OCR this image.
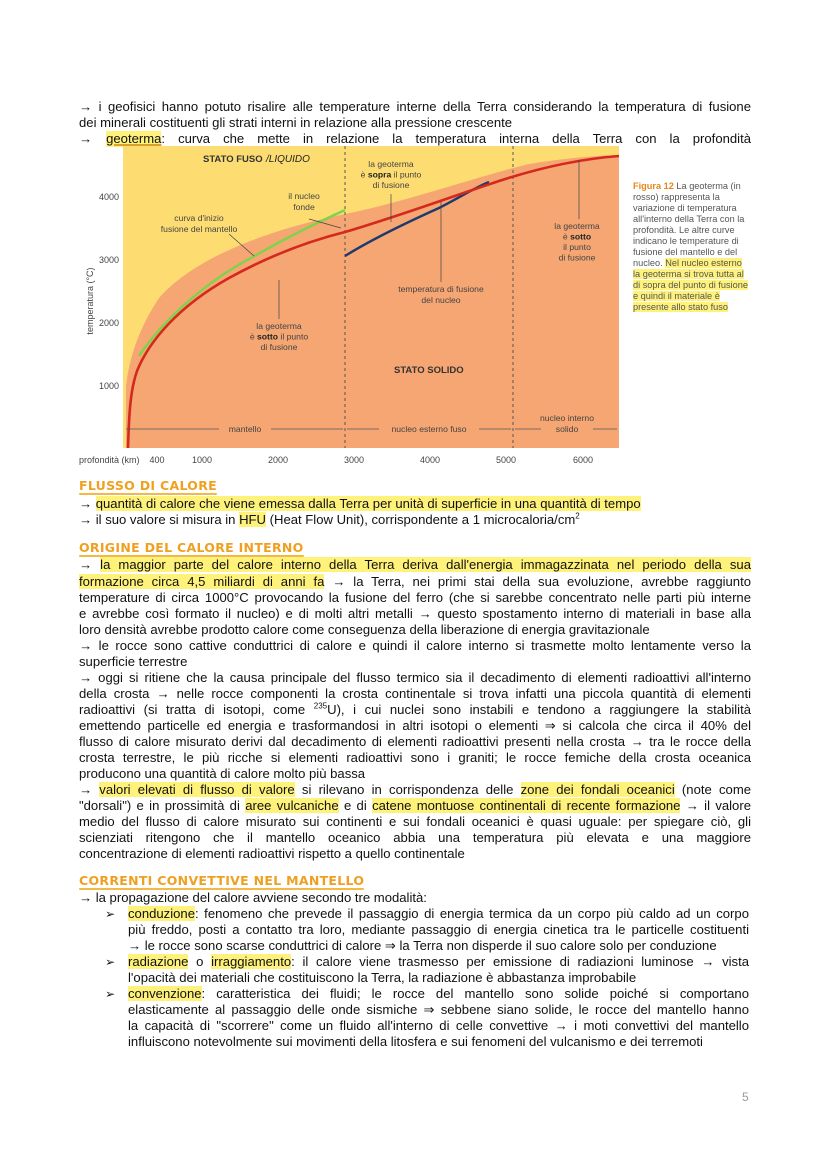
→ i geofisici hanno potuto risalire alle temperature interne della Terra considerando la temperatura di fusione
dei minerali costituenti gli strati interni in relazione alla pressione crescente
→ geoterma : curva che mette in relazione la temperatura interna della Terra con la profondità
4000
3000
2000
1000
temperatura (°C)
profondità (km) 400	1000	2000	3000	4000	5000	6000
STATO FUSO /LIQUIDO
STATO SOLIDO
il nucleo fonde
curva d'inizio fusione del mantello
la geoterma è sopra il punto di fusione
la geoterma è sotto il punto di fusione
temperatura di fusione del nucleo
la geoterma è sotto il punto di fusione
mantello	nucleo esterno fuso
nucleo interno solido
Figura 12 La geoterma (in rosso) rappresenta la variazione di temperatura all'interno della Terra con la profondità. Le altre curve indicano le temperature di fusione del mantello e del nucleo. Nel nucleo esterno la geoterma si trova tutta al di sopra del punto di fusione e quindi il materiale è presente allo stato fuso
FLUSSO DI CALORE
→ quantità di calore che viene emessa dalla Terra per unità di superficie in una quantità di tempo
→ il suo valore si misura in HFU (Heat Flow Unit), corrispondente a 1 microcaloria/$cm^2$
ORIGINE DEL CALORE INTERNO
→ la maggior parte del calore interno della Terra deriva dall'energia immagazzinata nel periodo della sua
formazione circa 4,5 miliardi di anni fa → la Terra, nei primi stai della sua evoluzione, avrebbe raggiunto
temperature di circa 1000°C provocando la fusione del ferro (che si sarebbe concentrato nelle parti più interne
e avrebbe così formato il nucleo) e di molti altri metalli → questo spostamento interno di materiali in base alla
loro densità avrebbe prodotto calore come conseguenza della liberazione di energia gravitazionale
→ le rocce sono cattive conduttrici di calore e quindi il calore interno si trasmette molto lentamente verso la
superficie terrestre
→ oggi si ritiene che la causa principale del flusso termico sia il decadimento di elementi radioattivi all'interno
della crosta → nelle rocce componenti la crosta continentale si trova infatti una piccola quantità di elementi
radioattivi (si tratta di isotopi, come $^{235}$U), i cui nuclei sono instabili e tendono a raggiungere la stabilità
emettendo particelle ed energia e trasformandosi in altri isotopi o elementi ⇒ si calcola che circa il 40% del
flusso di calore misurato derivi dal decadimento di elementi radioattivi presenti nella crosta → tra le rocce della
crosta terrestre, le più ricche si elementi radioattivi sono i graniti; le rocce femiche della crosta oceanica
producono una quantità di calore molto più bassa
→ valori elevati di flusso di valore si rilevano in corrispondenza delle zone dei fondali oceanici (note come
"dorsali") e in prossimità di aree vulcaniche e di catene montuose continentali di recente formazione → il valore
medio del flusso di calore misurato sui continenti e sui fondali oceanici è quasi uguale: per spiegare ciò, gli
scienziati ritengono che il mantello oceanico abbia una temperatura più elevata e una maggiore
concentrazione di elementi radioattivi rispetto a quello continentale
CORRENTI CONVETTIVE NEL MANTELLO
→ la propagazione del calore avviene secondo tre modalità:
➢ conduzione: fenomeno che prevede il passaggio di energia termica da un corpo più caldo ad un corpo
più freddo, posti a contatto tra loro, mediante passaggio di energia cinetica tra le particelle costituenti
→ le rocce sono scarse conduttrici di calore ⇒ la Terra non disperde il suo calore solo per conduzione
➢ radiazione o irraggiamento: il calore viene trasmesso per emissione di radiazioni luminose → vista
l'opacità dei materiali che costituiscono la Terra, la radiazione è abbastanza improbabile
➢ convenzione: caratteristica dei fluidi; le rocce del mantello sono solide poiché si comportano
elasticamente al passaggio delle onde sismiche ⇒ sebbene siano solide, le rocce del mantello hanno
la capacità di "scorrere" come un fluido all'interno di celle convettive → i moti convettivi del mantello
influiscono notevolmente sui movimenti della litosfera e sui fenomeni del vulcanismo e dei terremoti
5
